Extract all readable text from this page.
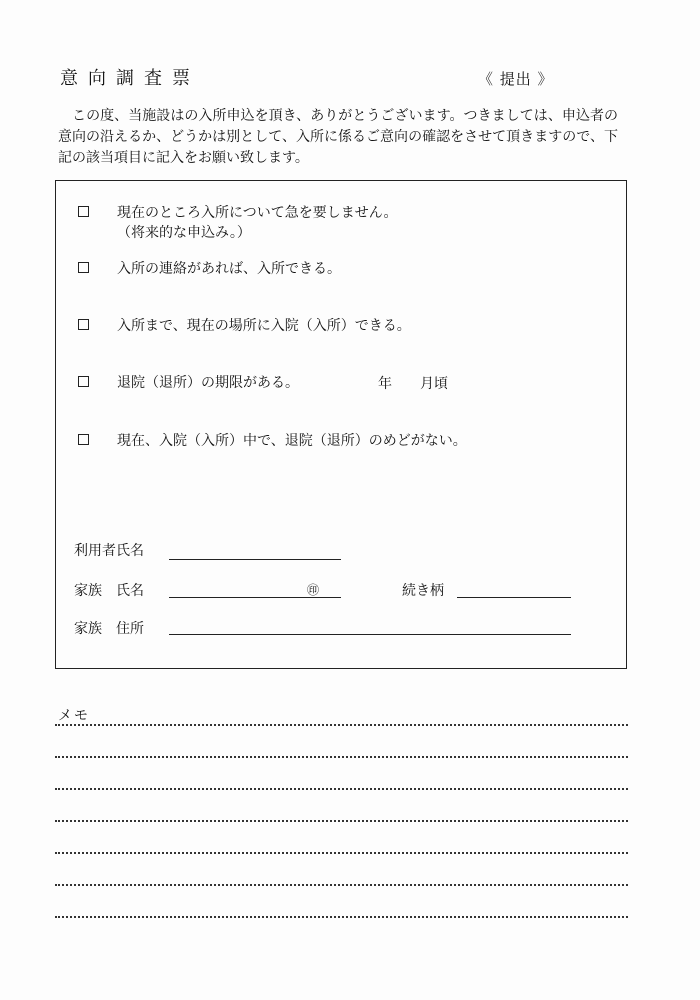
意向調査票	《 提出 》

　この度、当施設はの入所申込を頂き、ありがとうございます。つきましては、申込者の意向の沿えるか、どうかは別として、入所に係るご意向の確認をさせて頂きますので、下記の該当項目に記入をお願い致します。

現在のところ入所について急を要しません。
（将来的な申込み。）
入所の連絡があれば、入所できる。
入所まで、現在の場所に入院（入所）できる。
退院（退所）の期限がある。	年 月頃
現在、入院（入所）中で、退院（退所）のめどがない。
利用者氏名
家族　氏名	㊞	続き柄
家族　住所
メモ
